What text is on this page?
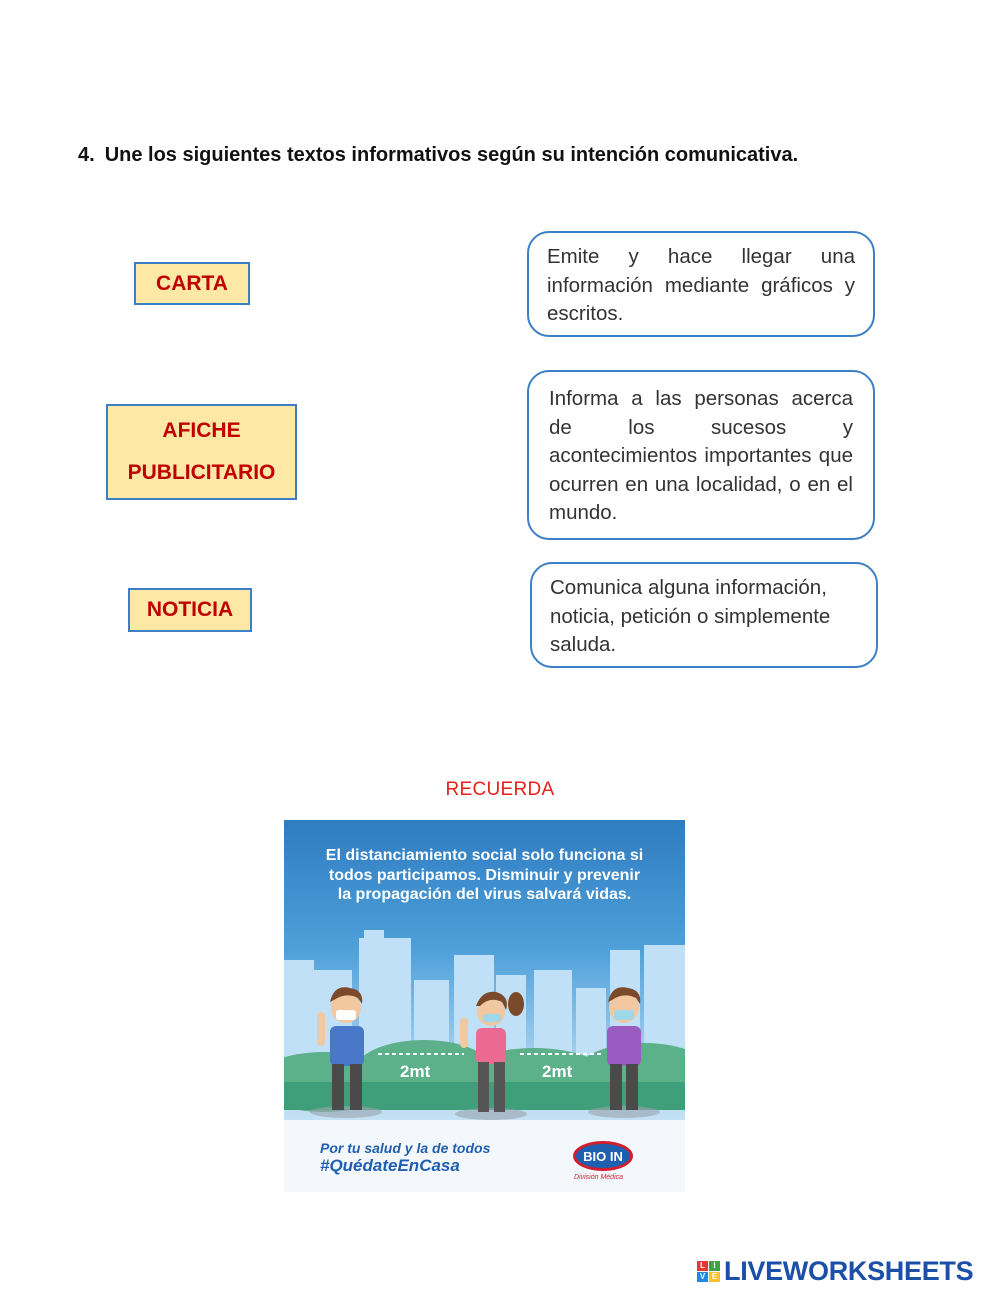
4. Une los siguientes textos informativos según su intención comunicativa.
CARTA
AFICHE
PUBLICITARIO
NOTICIA
Emite y hace llegar una información mediante gráficos y escritos.
Informa a las personas acerca de los sucesos y acontecimientos importantes que ocurren en una localidad, o en el mundo.
Comunica alguna información, noticia, petición o simplemente saluda.
RECUERDA
El distanciamiento social solo funciona si todos participamos. Disminuir y prevenir la propagación del virus salvará vidas.
2mt	2mt
Por tu salud y la de todos
#QuédateEnCasa	BIO IN
División Médica
L	I
V E LIVEWORKSHEETS
